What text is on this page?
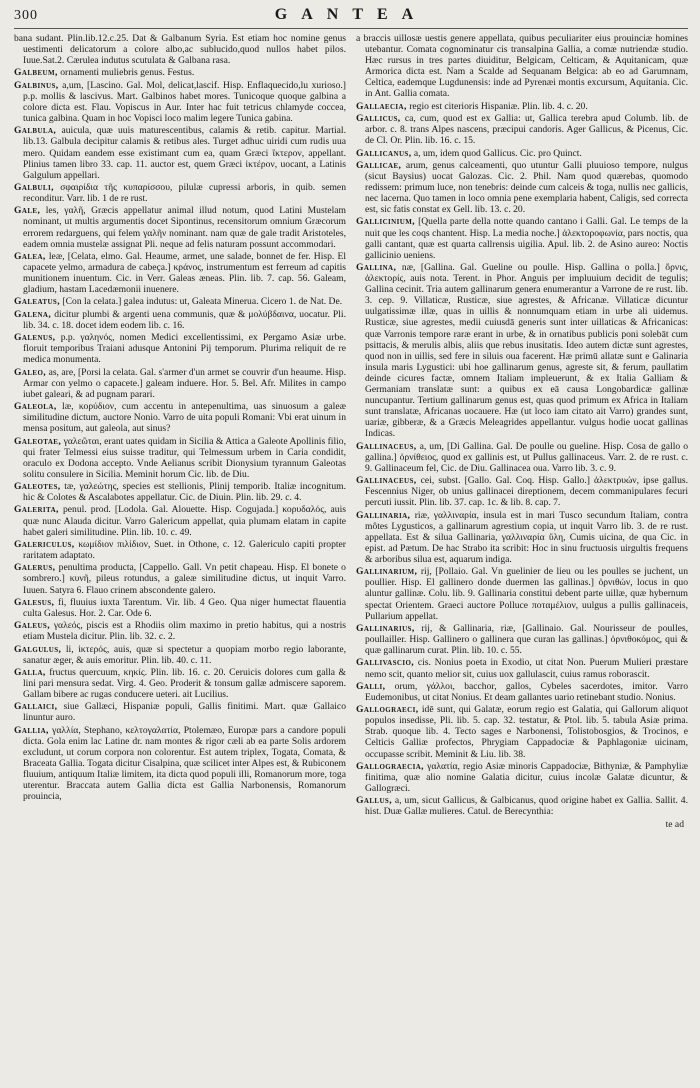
300	GANTEA

bana sudant. Plin.lib.12.c.25. Dat & Galbanum Syria. Est etiam hoc nomine genus uestimenti delicatorum a colore albo,ac sublucido,quod nullos habet pilos. Iuue.Sat.2. Cærulea indutus scutulata & Galbana rasa.

Galbeum, ornamenti muliebris genus. Festus.

Galbinus, a,um, [Lascino. Gal. Mol, delicat,lascif. Hisp. Enflaquecido,lu xurioso.] p.p. mollis & lascivus. Mart. Galbinos habet mores. Tunicoque quoque galbina a colore dicta est. Flau. Vopiscus in Aur. Inter hac fuit tetricus chlamyde coccea, tunica galbina. Quam in hoc Vopisci loco malim legere Tunica gabina.

Galbula, auicula, quæ uuis maturescentibus, calamis & retib. capitur. Martial. lib.13. Galbula decipitur calamis & retibus ales. Turget adhuc uiridi cum rudis uua mero. Quidam eandem esse existimant cum ea, quam Græci ἴκτερον, appellant. Plinius tamen libro 33. cap. 11. auctor est, quem Græci ἰκτέρον, uocant, a Latinis Galgulum appellari.

Galbuli, σφαιρίδια τῆς κυπαρίσσου, pilulæ cupressi arboris, in quib. semen reconditur. Varr. lib. 1 de re rust.

Gale, les, γαλῆ, Græcis appellatur animal illud notum, quod Latini Mustelam nominant, ut multis argumentis docet Sipontinus, recensitorum omnium Græcorum errorem redarguens, qui felem γαλῆν nominant. nam quæ de gale tradit Aristoteles, eadem omnia mustelæ assignat Pli. neque ad felis naturam possunt accommodari.

Galea, leæ, [Celata, elmo. Gal. Heaume, armet, une salade, bonnet de fer. Hisp. El capacete yelmo, armadura de cabeça.] κράνος, instrumentum est ferreum ad capitis munitionem inuentum. Cic. in Verr. Galeas æneas. Plin. lib. 7. cap. 56. Galeam, gladium, hastam Lacedæmonii inuenere.

Galeatus, [Con la celata.] galea indutus: ut, Galeata Minerua. Cicero 1. de Nat. De.

Galena, dicitur plumbi & argenti uena communis, quæ & μολύβδαινα, uocatur. Pli. lib. 34. c. 18. docet idem eodem lib. c. 16.

Galenus, p.p. γαληνός, nomen Medici excellentissimi, ex Pergamo Asiæ urbe. floruit temporibus Traiani adusque Antonini Pij temporum. Plurima reliquit de re medica monumenta.

Galeo, as, are, [Porsi la celata. Gal. s'armer d'un armet se couvrir d'un heaume. Hisp. Armar con yelmo o capacete.] galeam induere. Hor. 5. Bel. Afr. Milites in campo iubet galeari, & ad pugnam parari.

Galeola, læ, κορύδιον, cum accentu in antepenultima, uas sinuosum a galeæ similitudine dictum, auctore Nonio. Varro de uita populi Romani: Vbi erat uinum in mensa positum, aut galeola, aut sinus?

Galeotae, γαλεῶται, erant uates quidam in Sicilia & Attica a Galeote Apollinis filio, qui frater Telmessi eius suisse traditur, qui Telmessum urbem in Caria condidit, oraculo ex Dodona accepto. Vnde Aelianus scribit Dionysium tyrannum Galeotas solitu consulere in Sicilia. Meminit horum Cic. lib. de Diu.

Galeotes, tæ, γαλεώτης, species est stellionis, Plinij temporib. Italiæ incognitum. hic & Colotes & Ascalabotes appellatur. Cic. de Diuin. Plin. lib. 29. c. 4.

Galerita, penul. prod. [Lodola. Gal. Alouette. Hisp. Cogujada.] κορυδαλός, auis quæ nunc Alauda dicitur. Varro Galericum appellat, quia plumam elatam in capite habet galeri similitudine. Plin. lib. 10. c. 49.

Galericulus, κωμίδιον πιλίδιον, Suet. in Othone, c. 12. Galericulo capiti propter raritatem adaptato.

Galerus, penultima producta, [Cappello. Gall. Vn petit chapeau. Hisp. El bonete o sombrero.] κυνῆ, pileus rotundus, a galeæ similitudine dictus, ut inquit Varro. Iuuen. Satyra 6. Flauo crinem abscondente galero.

Galesus, fi, fluuius iuxta Tarentum. Vir. lib. 4 Geo. Qua niger humectat flauentia culta Galesus. Hor. 2. Car. Ode 6.

Galeus, γαλεός, piscis est a Rhodiis olim maximo in pretio habitus, qui a nostris etiam Mustela dicitur. Plin. lib. 32. c. 2.

Galgulus, li, ἰκτερός, auis, quæ si spectetur a quopiam morbo regio laborante, sanatur æger, & auis emoritur. Plin. lib. 40. c. 11.

Galla, fructus quercuum, κηκίς. Plin. lib. 16. c. 20. Ceruicis dolores cum galla & lini pari mensura sedat. Virg. 4. Geo. Proderit & tonsum gallæ admiscere saporem. Gallam bibere ac rugas conducere ueteri. ait Lucilius.

Gallaici, siue Gallæci, Hispaniæ populi, Gallis finitimi. Mart. quæ Gallaico linuntur auro.

Gallia, γαλλία, Stephano, κελτογαλατία, Ptolemæo, Europæ pars a candore populi dicta. Gola enim lac Latine dr. nam montes & rigor cæli ab ea parte Solis ardorem excludunt, ut corum corpora non colorentur. Est autem triplex, Togata, Comata, & Braceata Gallia. Togata dicitur Cisalpina, quæ scilicet inter Alpes est, & Rubiconem fluuium, antiquum Italiæ limitem, ita dicta quod populi illi, Romanorum more, toga uterentur. Braccata autem Gallia dicta est Gallia Narbonensis, Romanorum prouincia,

a braccis uillosæ uestis genere appellata, quibus peculiariter eius prouinciæ homines utebantur. Comata cognominatur cis transalpina Gallia, a comæ nutriendæ studio. Hæc rursus in tres partes diuiditur, Belgicam, Celticam, & Aquitanicam, quæ Armorica dicta est. Nam a Scalde ad Sequanam Belgica: ab eo ad Garumnam, Celtica, eademque Lugdunensis: inde ad Pyrenæi montis excursum, Aquitania. Cic. in Ant. Gallia comata.

Gallaecia, regio est citerioris Hispaniæ. Plin. lib. 4. c. 20.

Gallicus, ca, cum, quod est ex Gallia: ut, Gallica terebra apud Columb. lib. de arbor. c. 8. trans Alpes nascens, præcipui candoris. Ager Gallicus, & Picenus, Cic. de Cl. Or. Plin. lib. 16. c. 15.

Gallicanus, a, um, idem quod Gallicus. Cic. pro Quinct.

Gallicae, arum, genus calceamenti, quo utuntur Galli pluuioso tempore, nulgus (sicut Baysius) uocat Galozas. Cic. 2. Phil. Nam quod quærebas, quomodo redissem: primum luce, non tenebris: deinde cum calceis & toga, nullis nec gallicis, nec lacerna. Quo tamen in loco omnia pene exemplaria habent, Caligis, sed correcta est, sic fatis constat ex Gell. lib. 13. c. 20.

Gallicinium, [Quella parte della notte quando cantano i Galli. Gal. Le temps de la nuit que les coqs chantent. Hisp. La media noche.] ἀλεκτοροφωνία, pars noctis, qua galli cantant, quæ est quarta callrensis uigilia. Apul. lib. 2. de Asino aureo: Noctis gallicinio ueniens.

Gallina, næ, [Gallina. Gal. Gueline ou poulle. Hisp. Gallina o polla.] ὄρνις, ἀλεκτορίς, auis nota. Terent. in Phor. Anguis per impluuium decidit de tegulis; Gallina cecinit. Tria autem gallinarum genera enumerantur a Varrone de re rust. lib. 3. cep. 9. Villaticæ, Rusticæ, siue agrestes, & Africanæ. Villaticæ dicuntur uulgatissimæ illæ, quas in uillis & nonnumquam etiam in urbe ali uidemus. Rusticæ, siue agrestes, medii cuiusdā generis sunt inter uillaticas & Africanicas: quæ Varronis tempore raræ erant in urbe, & in ornatibus publicis poni solebāt cum psittacis, & merulis albis, aliis que rebus inusitatis. Ideo autem dictæ sunt agrestes, quod non in uillis, sed fere in siluis oua facerent. Hæ primū allatæ sunt e Galinaria insula maris Lygustici: ubi hoe gallinarum genus, agreste sit, & ferum, paullatim deinde cicures factæ, omnem Italiam impleuerunt, & ex Italia Galliam & Germaniam translatæ sunt: a quibus ex eā causa Longobardicæ gallinæ nuncupantur. Tertium gallinarum genus est, quas quod primum ex Africa in Italiam sunt translatæ, Africanas uocauere. Hæ (ut loco iam citato ait Varro) grandes sunt, uariæ, gibberæ, & a Græcis Meleagrides appellantur. vulgus hodie uocat gallinas Indicas.

Gallinaceus, a, um, [Di Gallina. Gal. De poulle ou gueline. Hisp. Cosa de gallo o gallina.] ὀρνίθειος, quod ex gallinis est, ut Pullus gallinaceus. Varr. 2. de re rust. c. 9. Gallinaceum fel, Cic. de Diu. Gallinacea oua. Varro lib. 3. c. 9.

Gallinaceus, cei, subst. [Gallo. Gal. Coq. Hisp. Gallo.] ἀλεκτρυών, ipse gallus. Fescennius Niger, ob unius gallinacei direptionem, decem commanipulares fecuri percuti iussit. Plin. lib. 37. cap. 1c. & lib. 8. cap. 7.

Gallinaria, riæ, γαλλιναρία, insula est in mari Tusco secundum Italiam, contra môtes Lygusticos, a gallinarum agrestium copia, ut inquit Varro lib. 3. de re rust. appellata. Est & silua Gallinaria, γαλλιναρία ὕλη, Cumis uicina, de qua Cic. in epist. ad Pætum. De hac Strabo ita scribit: Hoc in sinu fructuosis uirgultis frequens & arboribus silua est, aquarum indiga.

Gallinarium, rij, [Pollaio. Gal. Vn guelinier de lieu ou les poulles se juchent, un poullier. Hisp. El gallinero donde duermen las gallinas.] ὀρνιθών, locus in quo aluntur gallinæ. Colu. lib. 9. Gallinaria constitui debent parte uillæ, quæ hybernum spectat Orientem. Graeci auctore Polluce ποταμέλιον, uulgus a pullis gallinaceis, Pullarium appellat.

Gallinarius, rij, & Gallinaria, riæ, [Gallinaio. Gal. Nourisseur de poulles, poullailler. Hisp. Gallinero o gallinera que curan las gallinas.] ὀρνιθοκόμος, qui & quæ gallinarum curat. Plin. lib. 10. c. 55.

Gallivascio, cis. Nonius poeta in Exodio, ut citat Non. Puerum Mulieri præstare nemo scit, quanto melior sit, cuius uox gallulascit, cuius ramus roborascit.

Galli, orum, γάλλοι, bacchor, gallos, Cybeles sacerdotes, imitor. Varro Eudemonibus, ut citat Nonius. Et deam gallantes uario retinebant studio. Nonius.

Gallograeci, idē sunt, qui Galatæ, eorum regio est Galatia, qui Gallorum aliquot populos insedisse, Pli. lib. 5. cap. 32. testatur, & Ptol. lib. 5. tabula Asiæ prima. Strab. quoque lib. 4. Tecto sages e Narbonensi, Tolistobosgios, & Trocinos, e Celticis Galliæ profectos, Phrygiam Cappadociæ & Paphlagoniæ uicinam, occupasse scribit. Meminit & Liu. lib. 38.

Gallograecia, γαλατία, regio Asiæ minoris Cappadociæ, Bithyniæ, & Pamphyliæ finitima, quæ alio nomine Galatia dicitur, cuius incolæ Galatæ dicuntur, & Gallogræci.

Gallus, a, um, sicut Gallicus, & Galbicanus, quod origine habet ex Gallia. Sallit. 4. hist. Duæ Gallæ mulieres. Catul. de Berecynthia:

te ad
